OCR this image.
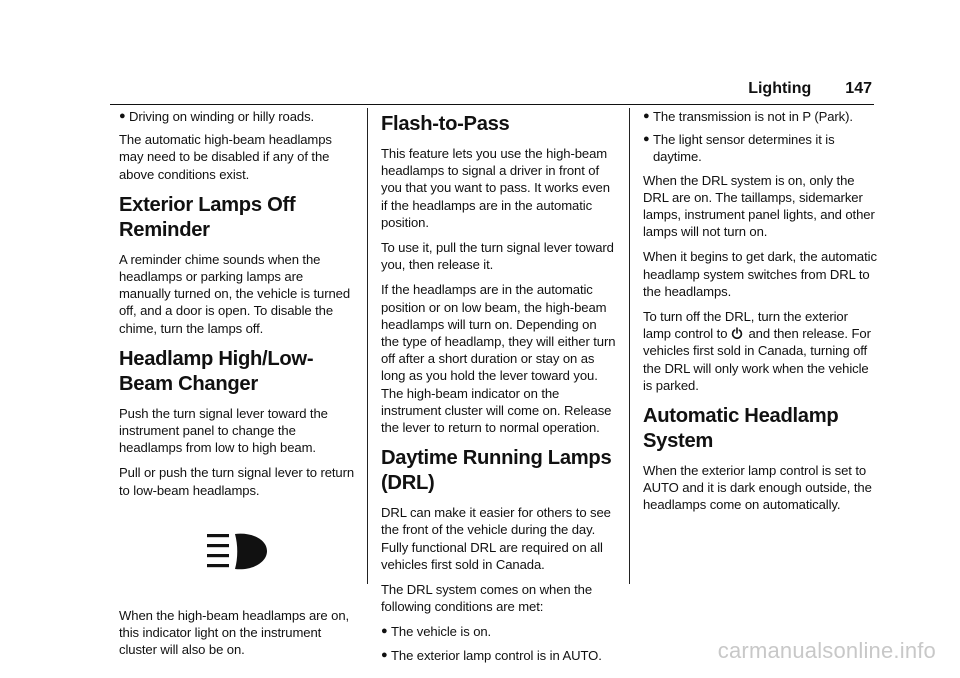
Lighting 147
● Driving on winding or hilly roads.

The automatic high-beam headlamps may need to be disabled if any of the above conditions exist.

Exterior Lamps Off Reminder

A reminder chime sounds when the headlamps or parking lamps are manually turned on, the vehicle is turned off, and a door is open. To disable the chime, turn the lamps off.

Headlamp High/Low-Beam Changer

Push the turn signal lever toward the instrument panel to change the headlamps from low to high beam.

Pull or push the turn signal lever to return to low-beam headlamps.

When the high-beam headlamps are on, this indicator light on the instrument cluster will also be on.

Flash-to-Pass

This feature lets you use the high-beam headlamps to signal a driver in front of you that you want to pass. It works even if the headlamps are in the automatic position.

To use it, pull the turn signal lever toward you, then release it.

If the headlamps are in the automatic position or on low beam, the high-beam headlamps will turn on. Depending on the type of headlamp, they will either turn off after a short duration or stay on as long as you hold the lever toward you. The high-beam indicator on the instrument cluster will come on. Release the lever to return to normal operation.

Daytime Running Lamps (DRL)

DRL can make it easier for others to see the front of the vehicle during the day. Fully functional DRL are required on all vehicles first sold in Canada.

The DRL system comes on when the following conditions are met:

● The vehicle is on.
● The exterior lamp control is in AUTO.
● The transmission is not in P (Park).
● The light sensor determines it is daytime.

When the DRL system is on, only the DRL are on. The taillamps, sidemarker lamps, instrument panel lights, and other lamps will not turn on.

When it begins to get dark, the automatic headlamp system switches from DRL to the headlamps.

To turn off the DRL, turn the exterior lamp control to and then release. For vehicles first sold in Canada, turning off the DRL will only work when the vehicle is parked.

Automatic Headlamp System

When the exterior lamp control is set to AUTO and it is dark enough outside, the headlamps come on automatically.

carmanualsonline.info
